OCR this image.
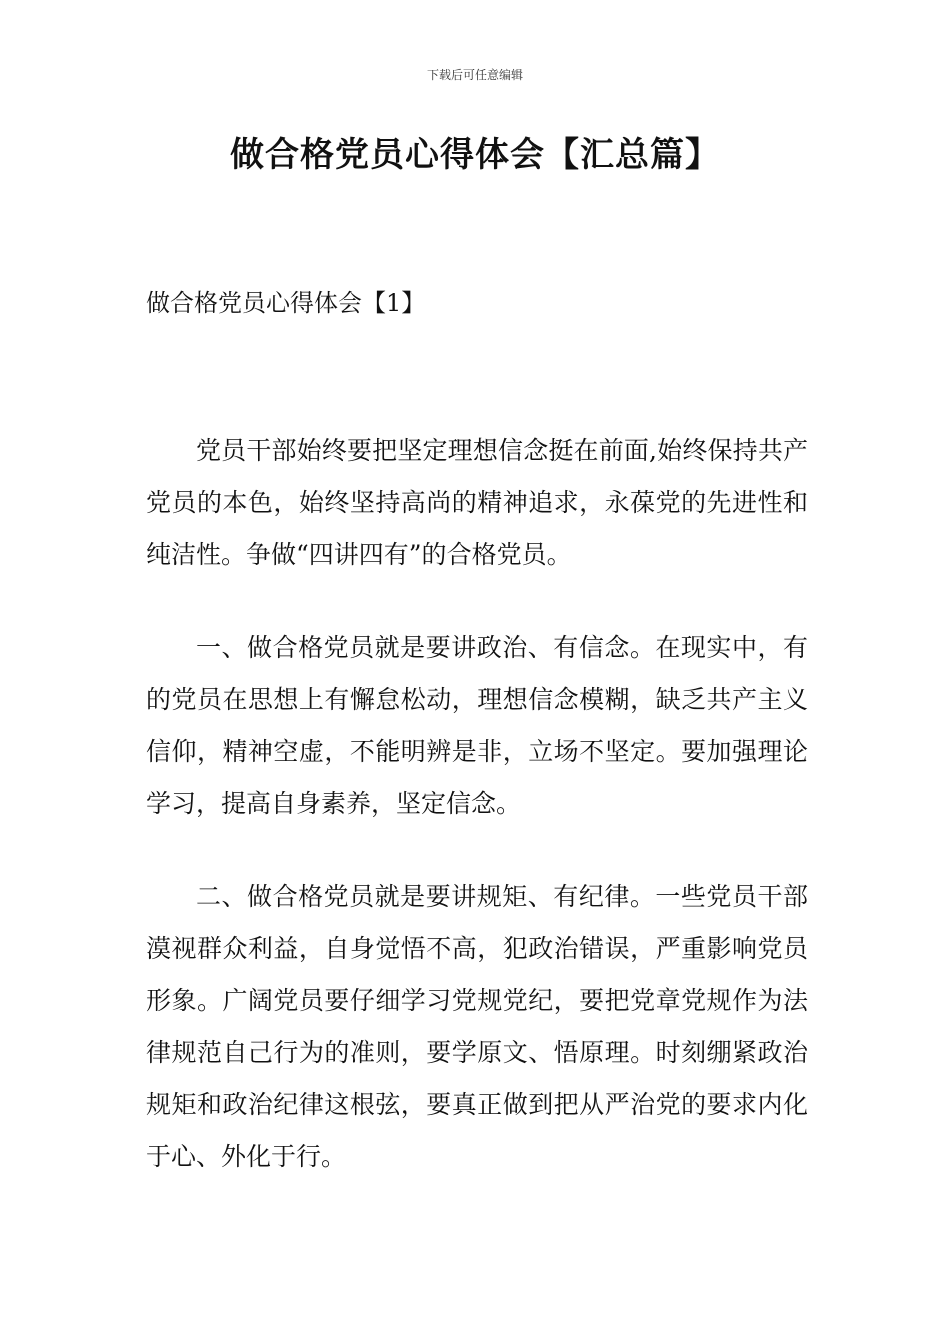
下载后可任意编辑
做合格党员心得体会【汇总篇】
做合格党员心得体会【1】

党员干部始终要把坚定理想信念挺在前面,始终保持共产党员的本色，始终坚持高尚的精神追求，永葆党的先进性和纯洁性。争做“四讲四有”的合格党员。

一、做合格党员就是要讲政治、有信念。在现实中，有的党员在思想上有懈怠松动，理想信念模糊，缺乏共产主义信仰，精神空虚，不能明辨是非，立场不坚定。要加强理论学习，提高自身素养，坚定信念。

二、做合格党员就是要讲规矩、有纪律。一些党员干部漠视群众利益，自身觉悟不高，犯政治错误，严重影响党员形象。广阔党员要仔细学习党规党纪，要把党章党规作为法律规范自己行为的准则，要学原文、悟原理。时刻绷紧政治规矩和政治纪律这根弦，要真正做到把从严治党的要求内化于心、外化于行。
